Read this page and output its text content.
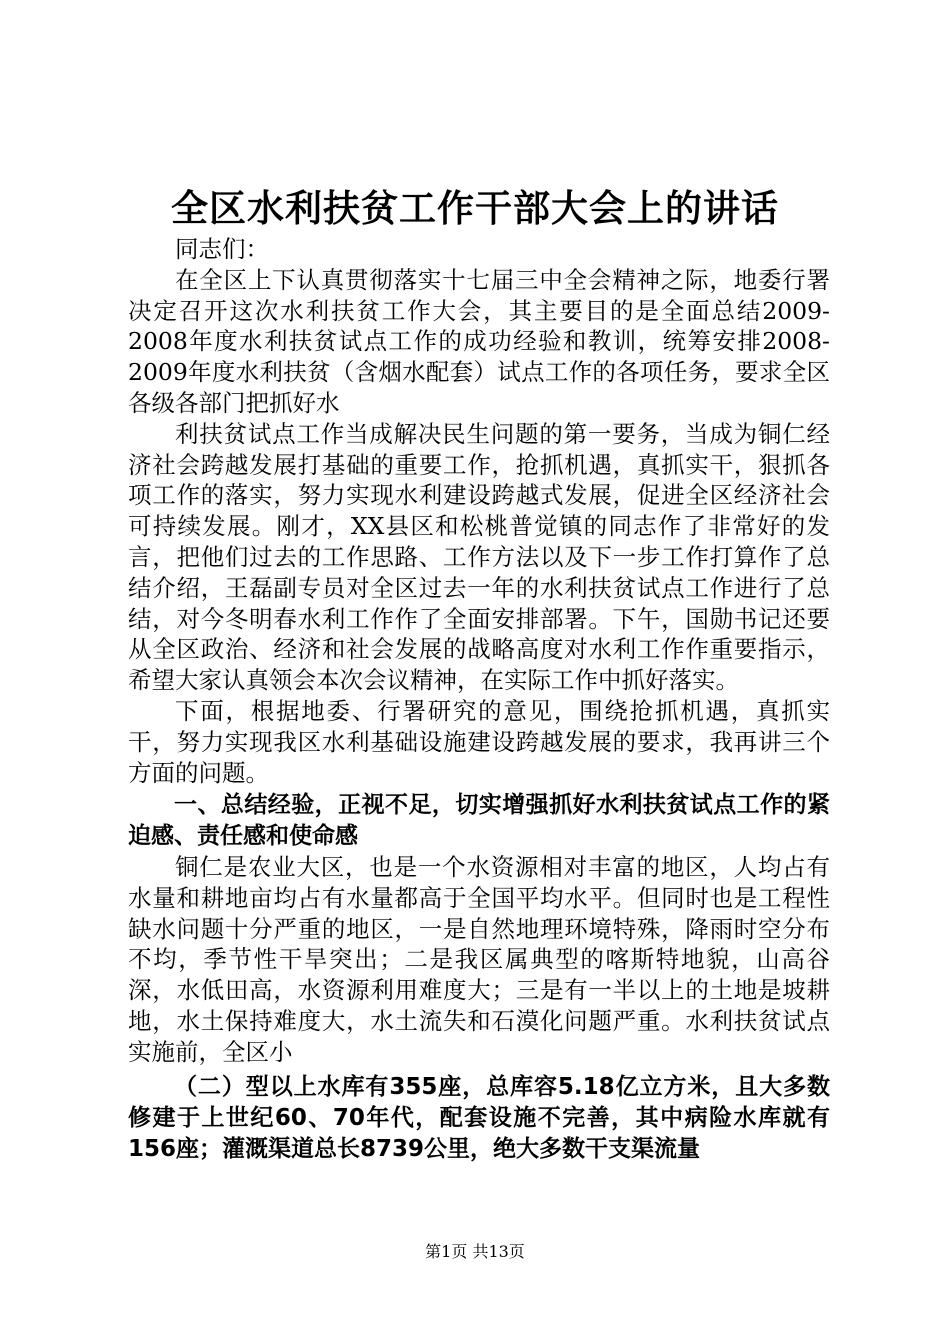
全区水利扶贫工作干部大会上的讲话

同志们：

在全区上下认真贯彻落实十七届三中全会精神之际，地委行署决定召开这次水利扶贫工作大会，其主要目的是全面总结2009-2008年度水利扶贫试点工作的成功经验和教训，统筹安排2008-2009年度水利扶贫（含烟水配套）试点工作的各项任务，要求全区各级各部门把抓好水

利扶贫试点工作当成解决民生问题的第一要务，当成为铜仁经济社会跨越发展打基础的重要工作，抢抓机遇，真抓实干，狠抓各项工作的落实，努力实现水利建设跨越式发展，促进全区经济社会可持续发展。刚才，XX县区和松桃普觉镇的同志作了非常好的发言，把他们过去的工作思路、工作方法以及下一步工作打算作了总结介绍，王磊副专员对全区过去一年的水利扶贫试点工作进行了总结，对今冬明春水利工作作了全面安排部署。下午，国勋书记还要从全区政治、经济和社会发展的战略高度对水利工作作重要指示，希望大家认真领会本次会议精神，在实际工作中抓好落实。

下面，根据地委、行署研究的意见，围绕抢抓机遇，真抓实干，努力实现我区水利基础设施建设跨越发展的要求，我再讲三个方面的问题。

一、总结经验，正视不足，切实增强抓好水利扶贫试点工作的紧迫感、责任感和使命感

铜仁是农业大区，也是一个水资源相对丰富的地区，人均占有水量和耕地亩均占有水量都高于全国平均水平。但同时也是工程性缺水问题十分严重的地区，一是自然地理环境特殊，降雨时空分布不均，季节性干旱突出；二是我区属典型的喀斯特地貌，山高谷深，水低田高，水资源利用难度大；三是有一半以上的土地是坡耕地，水土保持难度大，水土流失和石漠化问题严重。水利扶贫试点实施前，全区小

（二）型以上水库有355座，总库容5.18亿立方米，且大多数修建于上世纪60、70年代，配套设施不完善，其中病险水库就有156座；灌溉渠道总长8739公里，绝大多数干支渠流量

第1页 共13页
